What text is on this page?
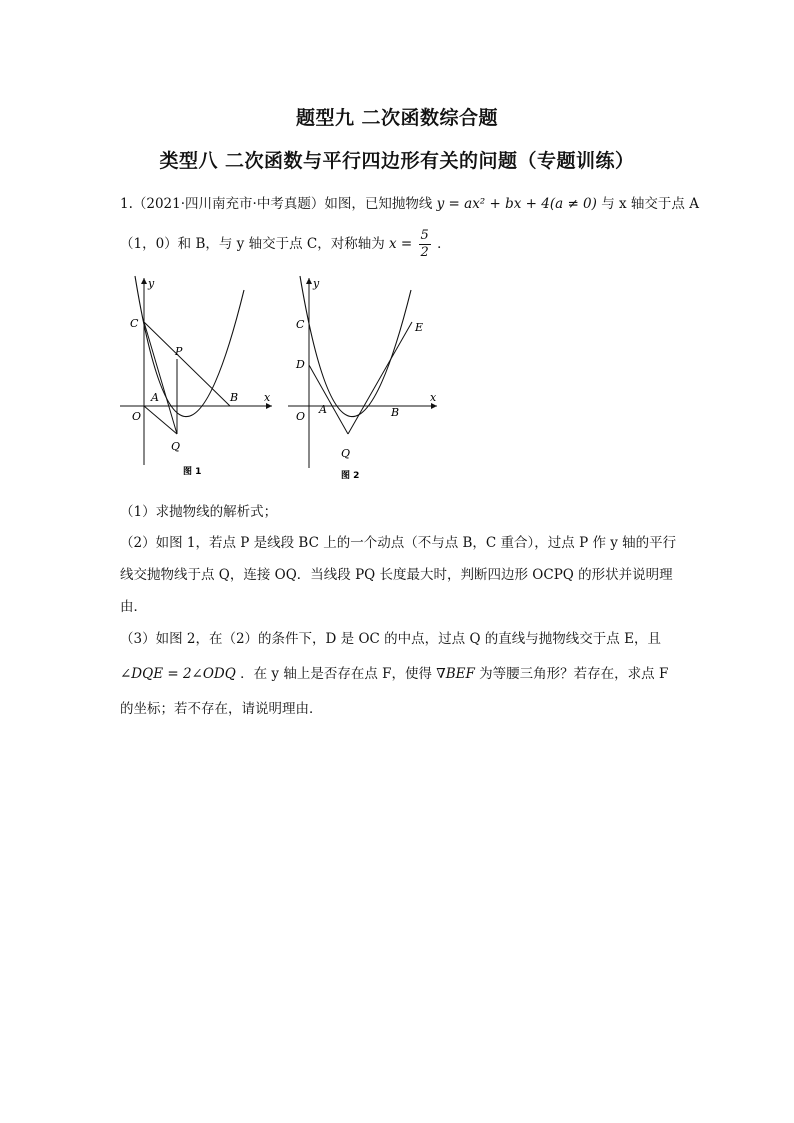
题型九 二次函数综合题
类型八 二次函数与平行四边形有关的问题（专题训练）
1.（2021·四川南充市·中考真题）如图，已知抛物线 y = ax² + bx + 4(a ≠ 0) 与 x 轴交于点 A
（1，0）和 B，与 y 轴交于点 C，对称轴为 $x = \frac{5}{2}$ ．
y
x
C
P
A	B
O
Q
图 1
y
x
C
D
E
A	B
O
Q
图 2
（1）求抛物线的解析式；
（2）如图 1，若点 P 是线段 BC 上的一个动点（不与点 B，C 重合），过点 P 作 y 轴的平行
线交抛物线于点 Q，连接 OQ．当线段 PQ 长度最大时，判断四边形 OCPQ 的形状并说明理
由．
（3）如图 2，在（2）的条件下，D 是 OC 的中点，过点 Q 的直线与抛物线交于点 E，且
∠DQE = 2∠ODQ ．在 y 轴上是否存在点 F，使得 ∇BEF 为等腰三角形？若存在，求点 F
的坐标；若不存在，请说明理由．
